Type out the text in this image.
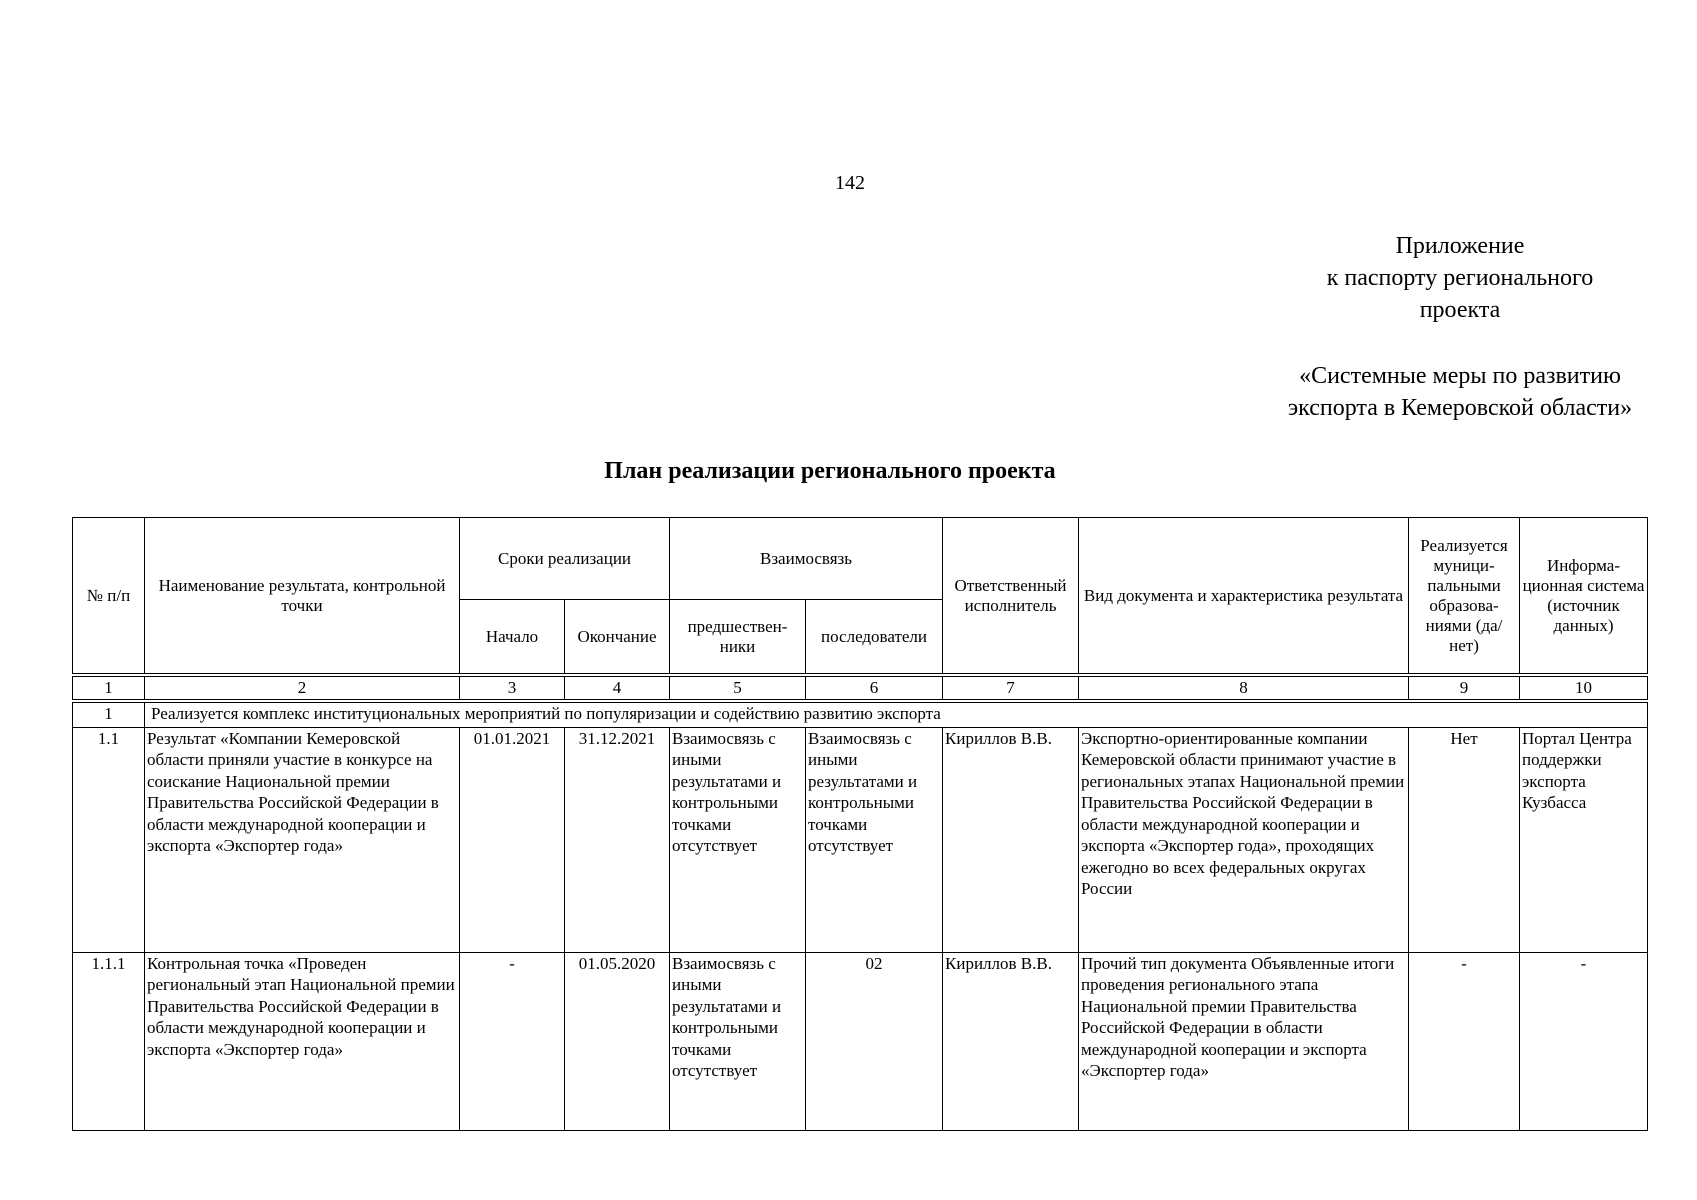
142
Приложение
к паспорту регионального
проекта
«Системные меры по развитию
экспорта в Кемеровской области»
План реализации регионального проекта
№ п/п	Наименование результата, контрольной точки	Сроки реализации		Взаимосвязь		Ответственный исполнитель	Вид документа и характеристика результата	Реализуется муници-пальными образова-ниями (да/нет)	Информа-ционная система (источник данных)
		Начало	Окончание	предшествен-ники	последователи				

1	2	3	4	5	6	7	8	9	10

1	Реализуется комплекс институциональных мероприятий по популяризации и содействию развитию экспорта								
1.1	Результат «Компании Кемеровской области приняли участие в конкурсе на соискание Национальной премии Правительства Российской Федерации в области международной кооперации и экспорта «Экспортер года»	01.01.2021	31.12.2021	Взаимосвязь с иными результатами и контрольными точками отсутствует	Взаимосвязь с иными результатами и контрольными точками отсутствует	Кириллов В.В.	Экспортно-ориентированные компании Кемеровской области принимают участие в региональных этапах Национальной премии Правительства Российской Федерации в области международной кооперации и экспорта «Экспортер года», проходящих ежегодно во всех федеральных округах России	Нет	Портал Центра поддержки экспорта Кузбасса
1.1.1	Контрольная точка «Проведен региональный этап Национальной премии Правительства Российской Федерации в области международной кооперации и экспорта «Экспортер года»	-	01.05.2020	Взаимосвязь с иными результатами и контрольными точками отсутствует	02	Кириллов В.В.	Прочий тип документа Объявленные итоги проведения регионального этапа Национальной премии Правительства Российской Федерации в области международной кооперации и экспорта «Экспортер года»	-	-
